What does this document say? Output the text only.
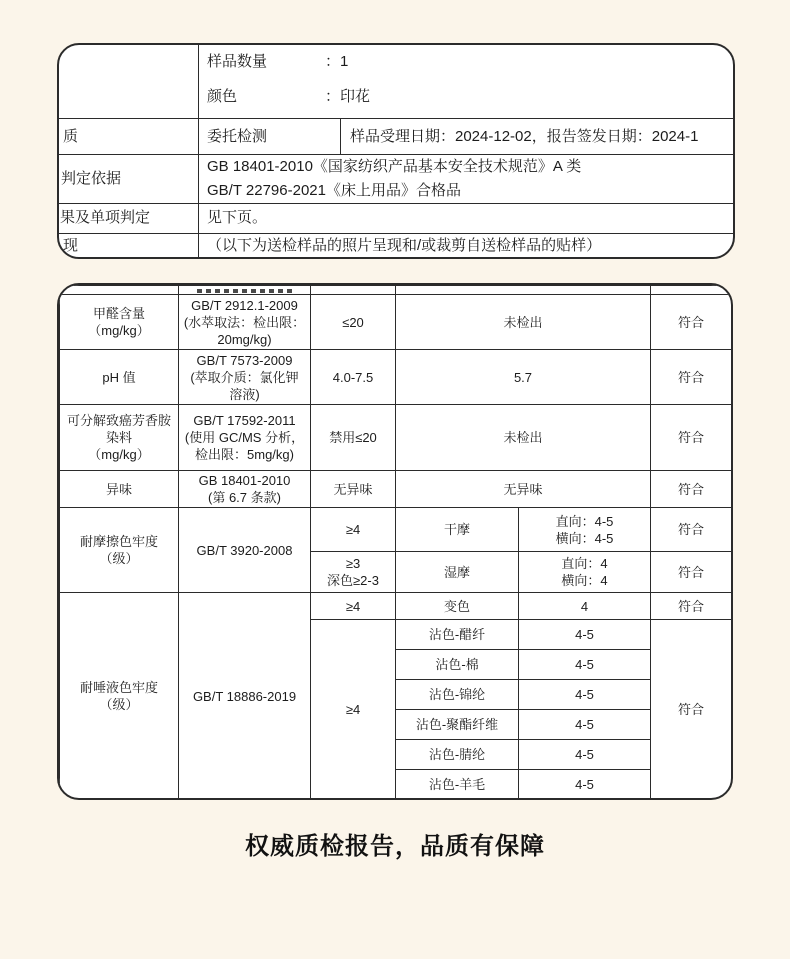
样品数量	：1
颜色	：印花
质	委托检测	样品受理日期：2024-12-02，报告签发日期：2024-1
判定依据
GB 18401-2010《国家纺织产品基本安全技术规范》A 类
GB/T 22796-2021《床上用品》合格品
果及单项判定	见下页。
现	（以下为送检样品的照片呈现和/或裁剪自送检样品的贴样）

甲醛含量
（mg/kg）	GB/T 2912.1-2009
(水萃取法：检出限：
20mg/kg)	≤20	未检出		符合
pH 值	GB/T 7573-2009
(萃取介质：氯化钾
溶液)	4.0-7.5	5.7		符合

可分解致癌芳香胺
染料
（mg/kg）	GB/T 17592-2011
(使用 GC/MS 分析，
检出限：5mg/kg)	禁用≤20	未检出		符合
异味	GB 18401-2010
(第 6.7 条款)	无异味	无异味		符合

耐摩擦色牢度
（级）	GB/T 3920-2008	≥4	干摩	直向：4-5
横向：4-5	符合

		≥3
深色≥2-3	湿摩	直向：4
横向：4	符合

耐唾液色牢度
（级）	GB/T 18886-2019	≥4	变色	4	符合
		≥4	沾色-醋纤	4-5	符合
			沾色-棉	4-5	
			沾色-锦纶	4-5	
			沾色-聚酯纤维	4-5	
			沾色-腈纶	4-5	
			沾色-羊毛	4-5	
权威质检报告，品质有保障
